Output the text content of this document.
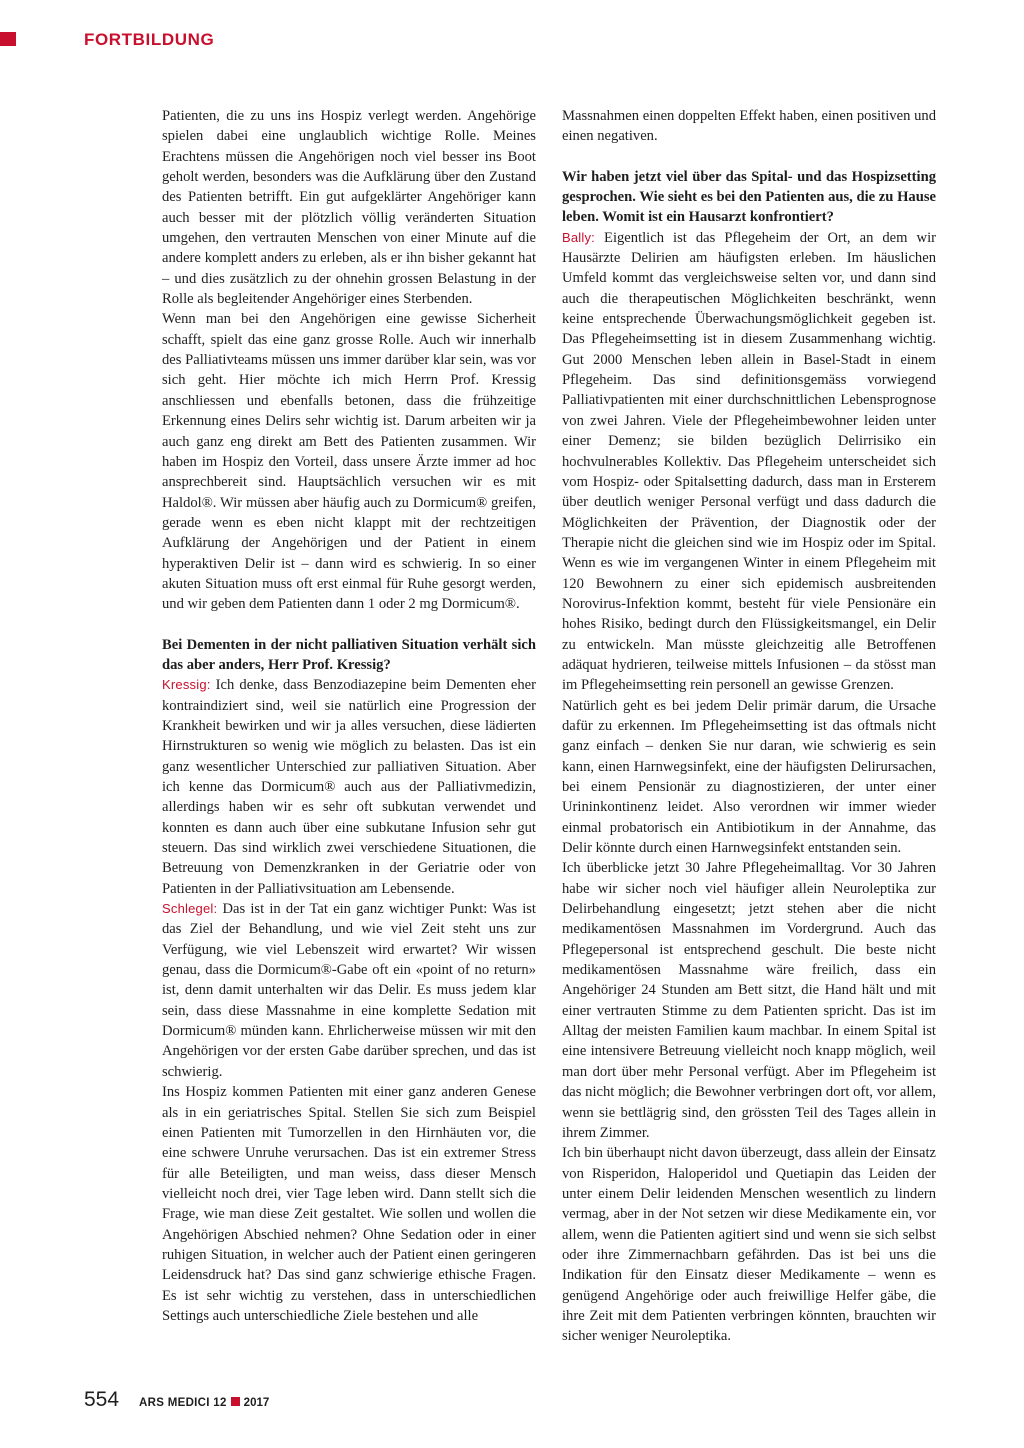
FORTBILDUNG

Patienten, die zu uns ins Hospiz verlegt werden. Angehörige spielen dabei eine unglaublich wichtige Rolle. Meines Erachtens müssen die Angehörigen noch viel besser ins Boot geholt werden, besonders was die Aufklärung über den Zustand des Patienten betrifft. Ein gut aufgeklärter Angehöriger kann auch besser mit der plötzlich völlig veränderten Situation umgehen, den vertrauten Menschen von einer Minute auf die andere komplett anders zu erleben, als er ihn bisher gekannt hat – und dies zusätzlich zu der ohnehin grossen Belastung in der Rolle als begleitender Angehöriger eines Sterbenden.

Wenn man bei den Angehörigen eine gewisse Sicherheit schafft, spielt das eine ganz grosse Rolle. Auch wir innerhalb des Palliativteams müssen uns immer darüber klar sein, was vor sich geht. Hier möchte ich mich Herrn Prof. Kressig anschliessen und ebenfalls betonen, dass die frühzeitige Erkennung eines Delirs sehr wichtig ist. Darum arbeiten wir ja auch ganz eng direkt am Bett des Patienten zusammen. Wir haben im Hospiz den Vorteil, dass unsere Ärzte immer ad hoc ansprechbereit sind. Hauptsächlich versuchen wir es mit Haldol®. Wir müssen aber häufig auch zu Dormicum® greifen, gerade wenn es eben nicht klappt mit der rechtzeitigen Aufklärung der Angehörigen und der Patient in einem hyperaktiven Delir ist – dann wird es schwierig. In so einer akuten Situation muss oft erst einmal für Ruhe gesorgt werden, und wir geben dem Patienten dann 1 oder 2 mg Dormicum®.

Bei Dementen in der nicht palliativen Situation verhält sich das aber anders, Herr Prof. Kressig?

Kressig: Ich denke, dass Benzodiazepine beim Dementen eher kontraindiziert sind, weil sie natürlich eine Progression der Krankheit bewirken und wir ja alles versuchen, diese lädierten Hirnstrukturen so wenig wie möglich zu belasten. Das ist ein ganz wesentlicher Unterschied zur palliativen Situation. Aber ich kenne das Dormicum® auch aus der Palliativmedizin, allerdings haben wir es sehr oft subkutan verwendet und konnten es dann auch über eine subkutane Infusion sehr gut steuern. Das sind wirklich zwei verschiedene Situationen, die Betreuung von Demenzkranken in der Geriatrie oder von Patienten in der Palliativsituation am Lebensende.

Schlegel: Das ist in der Tat ein ganz wichtiger Punkt: Was ist das Ziel der Behandlung, und wie viel Zeit steht uns zur Verfügung, wie viel Lebenszeit wird erwartet? Wir wissen genau, dass die Dormicum®-Gabe oft ein «point of no return» ist, denn damit unterhalten wir das Delir. Es muss jedem klar sein, dass diese Massnahme in eine komplette Sedation mit Dormicum® münden kann. Ehrlicherweise müssen wir mit den Angehörigen vor der ersten Gabe darüber sprechen, und das ist schwierig.

Ins Hospiz kommen Patienten mit einer ganz anderen Genese als in ein geriatrisches Spital. Stellen Sie sich zum Beispiel einen Patienten mit Tumorzellen in den Hirnhäuten vor, die eine schwere Unruhe verursachen. Das ist ein extremer Stress für alle Beteiligten, und man weiss, dass dieser Mensch vielleicht noch drei, vier Tage leben wird. Dann stellt sich die Frage, wie man diese Zeit gestaltet. Wie sollen und wollen die Angehörigen Abschied nehmen? Ohne Sedation oder in einer ruhigen Situation, in welcher auch der Patient einen geringeren Leidensdruck hat? Das sind ganz schwierige ethische Fragen. Es ist sehr wichtig zu verstehen, dass in unterschiedlichen Settings auch unterschiedliche Ziele bestehen und alle

Massnahmen einen doppelten Effekt haben, einen positiven und einen negativen.

Wir haben jetzt viel über das Spital- und das Hospizsetting gesprochen. Wie sieht es bei den Patienten aus, die zu Hause leben. Womit ist ein Hausarzt konfrontiert?

Bally: Eigentlich ist das Pflegeheim der Ort, an dem wir Hausärzte Delirien am häufigsten erleben. Im häuslichen Umfeld kommt das vergleichsweise selten vor, und dann sind auch die therapeutischen Möglichkeiten beschränkt, wenn keine entsprechende Überwachungsmöglichkeit gegeben ist. Das Pflegeheimsetting ist in diesem Zusammenhang wichtig. Gut 2000 Menschen leben allein in Basel-Stadt in einem Pflegeheim. Das sind definitionsgemäss vorwiegend Palliativpatienten mit einer durchschnittlichen Lebensprognose von zwei Jahren. Viele der Pflegeheimbewohner leiden unter einer Demenz; sie bilden bezüglich Delirrisiko ein hochvulnerables Kollektiv. Das Pflegeheim unterscheidet sich vom Hospiz- oder Spitalsetting dadurch, dass man in Ersterem über deutlich weniger Personal verfügt und dass dadurch die Möglichkeiten der Prävention, der Diagnostik oder der Therapie nicht die gleichen sind wie im Hospiz oder im Spital. Wenn es wie im vergangenen Winter in einem Pflegeheim mit 120 Bewohnern zu einer sich epidemisch ausbreitenden Norovirus-Infektion kommt, besteht für viele Pensionäre ein hohes Risiko, bedingt durch den Flüssigkeitsmangel, ein Delir zu entwickeln. Man müsste gleichzeitig alle Betroffenen adäquat hydrieren, teilweise mittels Infusionen – da stösst man im Pflegeheimsetting rein personell an gewisse Grenzen.

Natürlich geht es bei jedem Delir primär darum, die Ursache dafür zu erkennen. Im Pflegeheimsetting ist das oftmals nicht ganz einfach – denken Sie nur daran, wie schwierig es sein kann, einen Harnwegsinfekt, eine der häufigsten Delirursachen, bei einem Pensionär zu diagnostizieren, der unter einer Urininkontinenz leidet. Also verordnen wir immer wieder einmal probatorisch ein Antibiotikum in der Annahme, das Delir könnte durch einen Harnwegsinfekt entstanden sein.

Ich überblicke jetzt 30 Jahre Pflegeheimalltag. Vor 30 Jahren habe wir sicher noch viel häufiger allein Neuroleptika zur Delirbehandlung eingesetzt; jetzt stehen aber die nicht medikamentösen Massnahmen im Vordergrund. Auch das Pflegepersonal ist entsprechend geschult. Die beste nicht medikamentösen Massnahme wäre freilich, dass ein Angehöriger 24 Stunden am Bett sitzt, die Hand hält und mit einer vertrauten Stimme zu dem Patienten spricht. Das ist im Alltag der meisten Familien kaum machbar. In einem Spital ist eine intensivere Betreuung vielleicht noch knapp möglich, weil man dort über mehr Personal verfügt. Aber im Pflegeheim ist das nicht möglich; die Bewohner verbringen dort oft, vor allem, wenn sie bettlägrig sind, den grössten Teil des Tages allein in ihrem Zimmer.

Ich bin überhaupt nicht davon überzeugt, dass allein der Einsatz von Risperidon, Haloperidol und Quetiapin das Leiden der unter einem Delir leidenden Menschen wesentlich zu lindern vermag, aber in der Not setzen wir diese Medikamente ein, vor allem, wenn die Patienten agitiert sind und wenn sie sich selbst oder ihre Zimmernachbarn gefährden. Das ist bei uns die Indikation für den Einsatz dieser Medikamente – wenn es genügend Angehörige oder auch freiwillige Helfer gäbe, die ihre Zeit mit dem Patienten verbringen könnten, brauchten wir sicher weniger Neuroleptika.

554 ARS MEDICI 12 2017
